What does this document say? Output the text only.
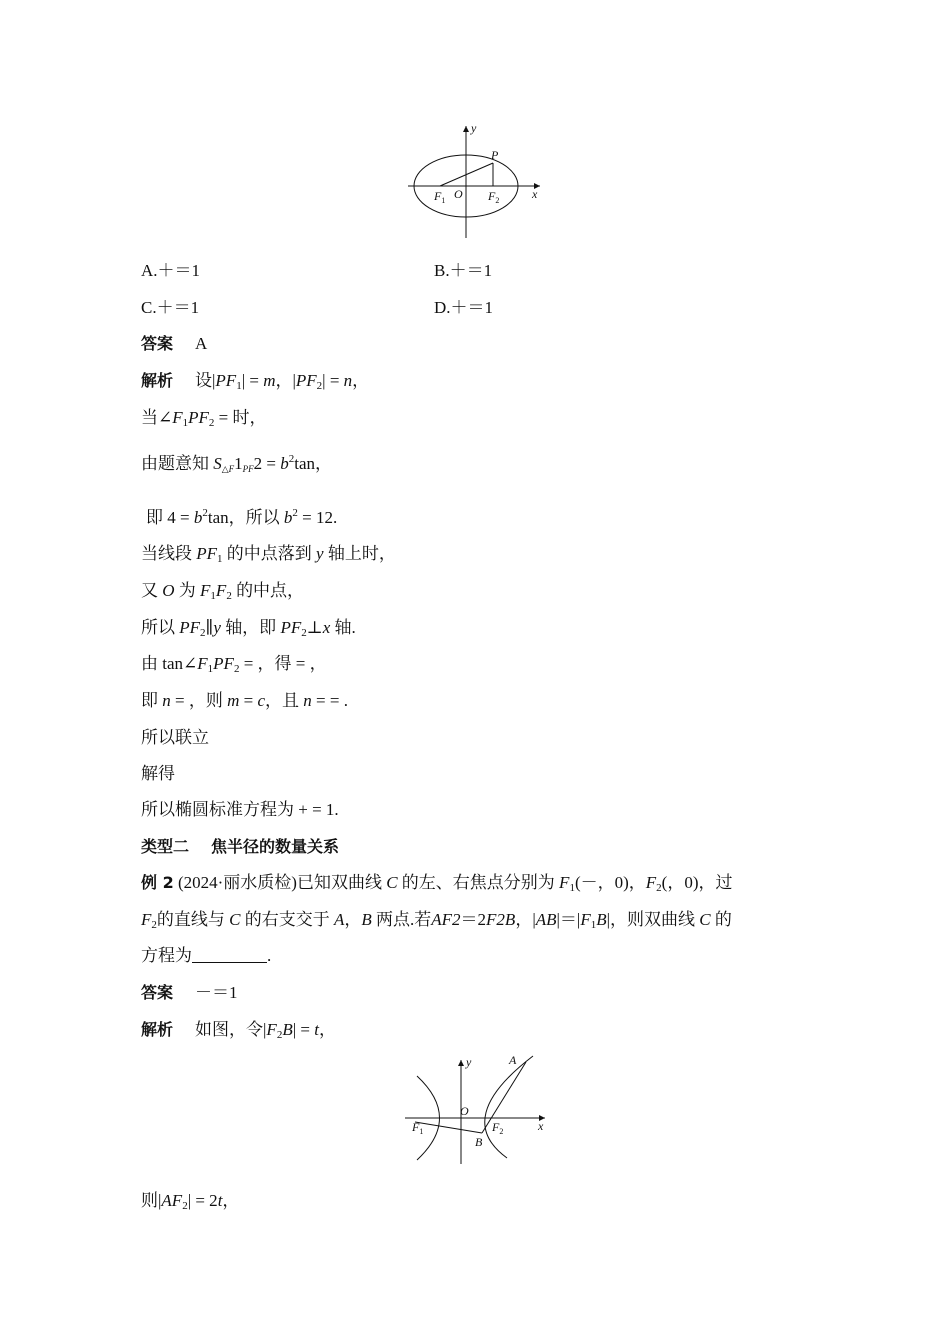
y
x
P
O
$F_1$	$F_2$
A.＋＝1	B.＋＝1
C.＋＝1	D.＋＝1
答案 A
解析 设$|PF_1| = m$，$|PF_2| = n$，
当$\angle F_1PF_2$ = 时，
由题意知 $S_{\triangle F}1_{PF}2 = b^2\tan$，
即 $4 = b^2\tan$，所以 $b^2 = 12$.
当线段 $PF_1$ 的中点落到 y 轴上时，
又 O 为 $F_1F_2$ 的中点，
所以 $PF_2\parallel y$ 轴，即 $PF_2\perp x$ 轴.
由 $\tan\angle F_1PF_2$ = ，得 = ，
即 n = ，则 m = c，且 n = = .
所以联立
解得
所以椭圆标准方程为 + = 1.
类型二 焦半径的数量关系
例 2 (2024·丽水质检)已知双曲线 C 的左、右焦点分别为 $F_1(-$，0)，$F_2$(，0)，过
$F_2$的直线与 C 的右支交于 A，B 两点.若AF2＝2F2B，$|AB|=|F_1B|$，则双曲线 C 的
方程为	.
答案 －＝1
解析 如图，令$|F_2B| = t$，
y
x
A
O
B
$F_1$	$F_2$
则$|AF_2| = 2t$，
